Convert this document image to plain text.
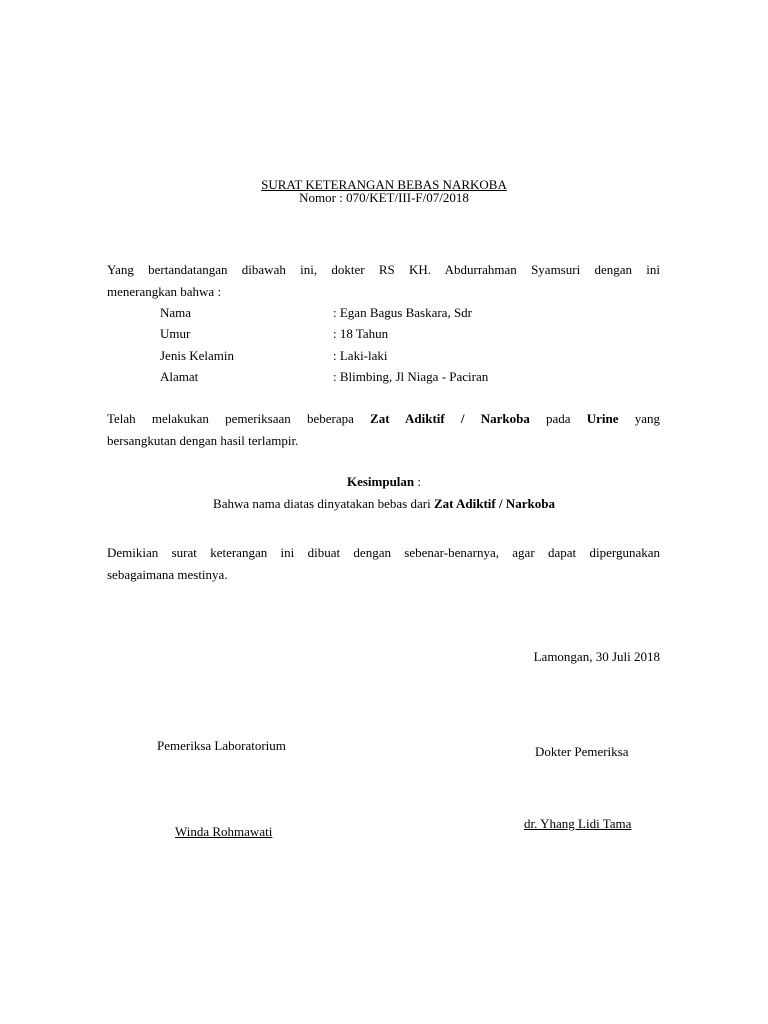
SURAT KETERANGAN BEBAS NARKOBA
Nomor : 070/KET/III-F/07/2018
Yang bertandatangan dibawah ini, dokter RS KH. Abdurrahman Syamsuri dengan ini
menerangkan bahwa :
Nama	: Egan Bagus Baskara, Sdr
Umur	: 18 Tahun
Jenis Kelamin	: Laki-laki
Alamat	: Blimbing, Jl Niaga - Paciran
Telah melakukan pemeriksaan beberapa Zat Adiktif / Narkoba pada Urine yang
bersangkutan dengan hasil terlampir.
Kesimpulan :
Bahwa nama diatas dinyatakan bebas dari Zat Adiktif / Narkoba
Demikian surat keterangan ini dibuat dengan sebenar-benarnya, agar dapat dipergunakan
sebagaimana mestinya.
Lamongan, 30 Juli 2018
Pemeriksa Laboratorium	Dokter Pemeriksa
dr. Yhang Lidi Tama
Winda Rohmawati
